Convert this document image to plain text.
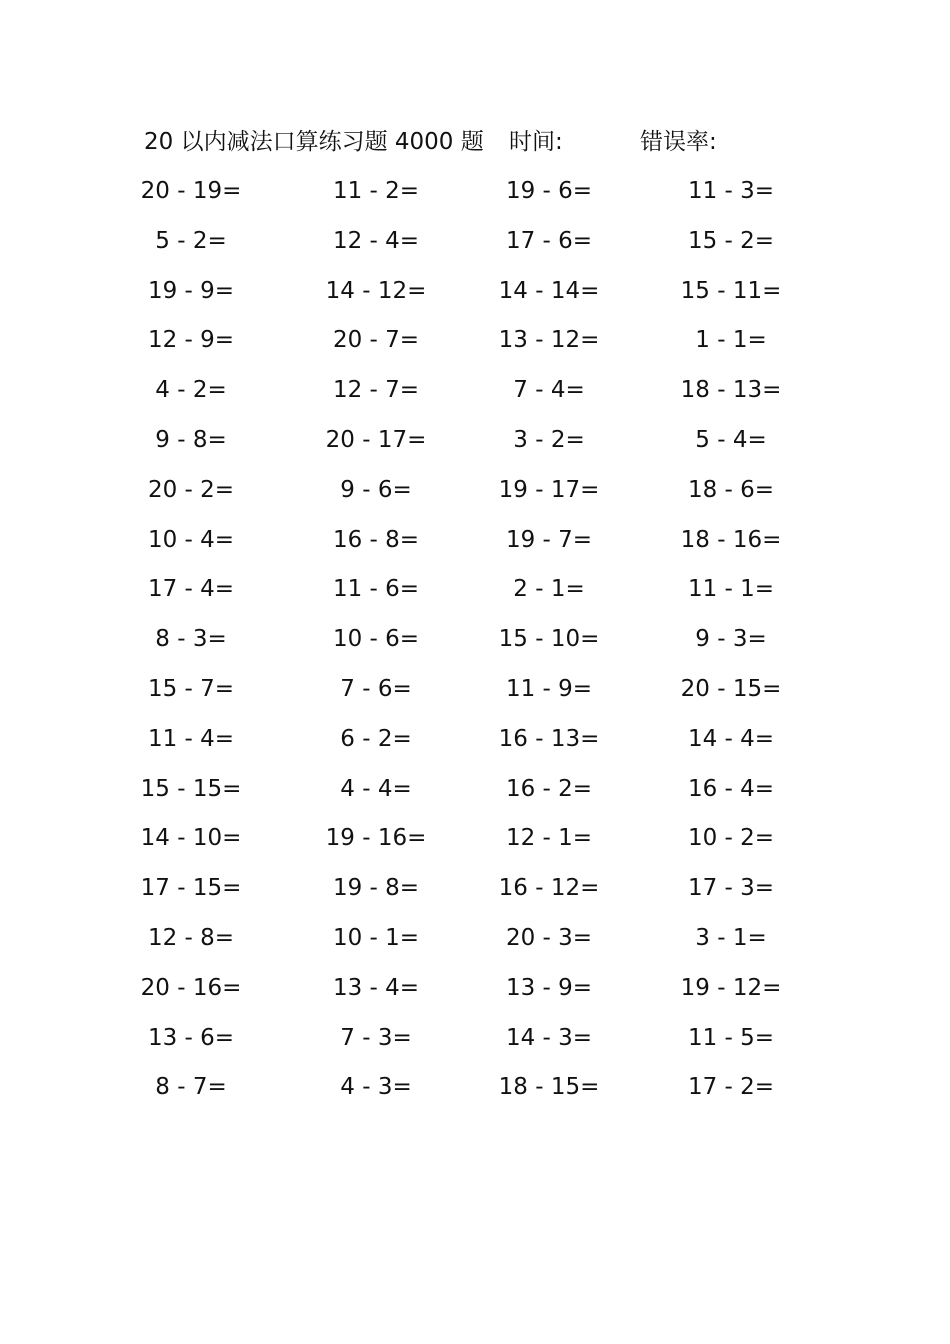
20 以内减法口算练习题 4000 题 时间:	错误率:
20 - 19=	11 - 2=	19 - 6=	11 - 3=
5 - 2=	12 - 4=	17 - 6=	15 - 2=
19 - 9=	14 - 12=	14 - 14=	15 - 11=
12 - 9=	20 - 7=	13 - 12=	1 - 1=
4 - 2=	12 - 7=	7 - 4=	18 - 13=
9 - 8=	20 - 17=	3 - 2=	5 - 4=
20 - 2=	9 - 6=	19 - 17=	18 - 6=
10 - 4=	16 - 8=	19 - 7=	18 - 16=
17 - 4=	11 - 6=	2 - 1=	11 - 1=
8 - 3=	10 - 6=	15 - 10=	9 - 3=
15 - 7=	7 - 6=	11 - 9=	20 - 15=
11 - 4=	6 - 2=	16 - 13=	14 - 4=
15 - 15=	4 - 4=	16 - 2=	16 - 4=
14 - 10=	19 - 16=	12 - 1=	10 - 2=
17 - 15=	19 - 8=	16 - 12=	17 - 3=
12 - 8=	10 - 1=	20 - 3=	3 - 1=
20 - 16=	13 - 4=	13 - 9=	19 - 12=
13 - 6=	7 - 3=	14 - 3=	11 - 5=
8 - 7=	4 - 3=	18 - 15=	17 - 2=
